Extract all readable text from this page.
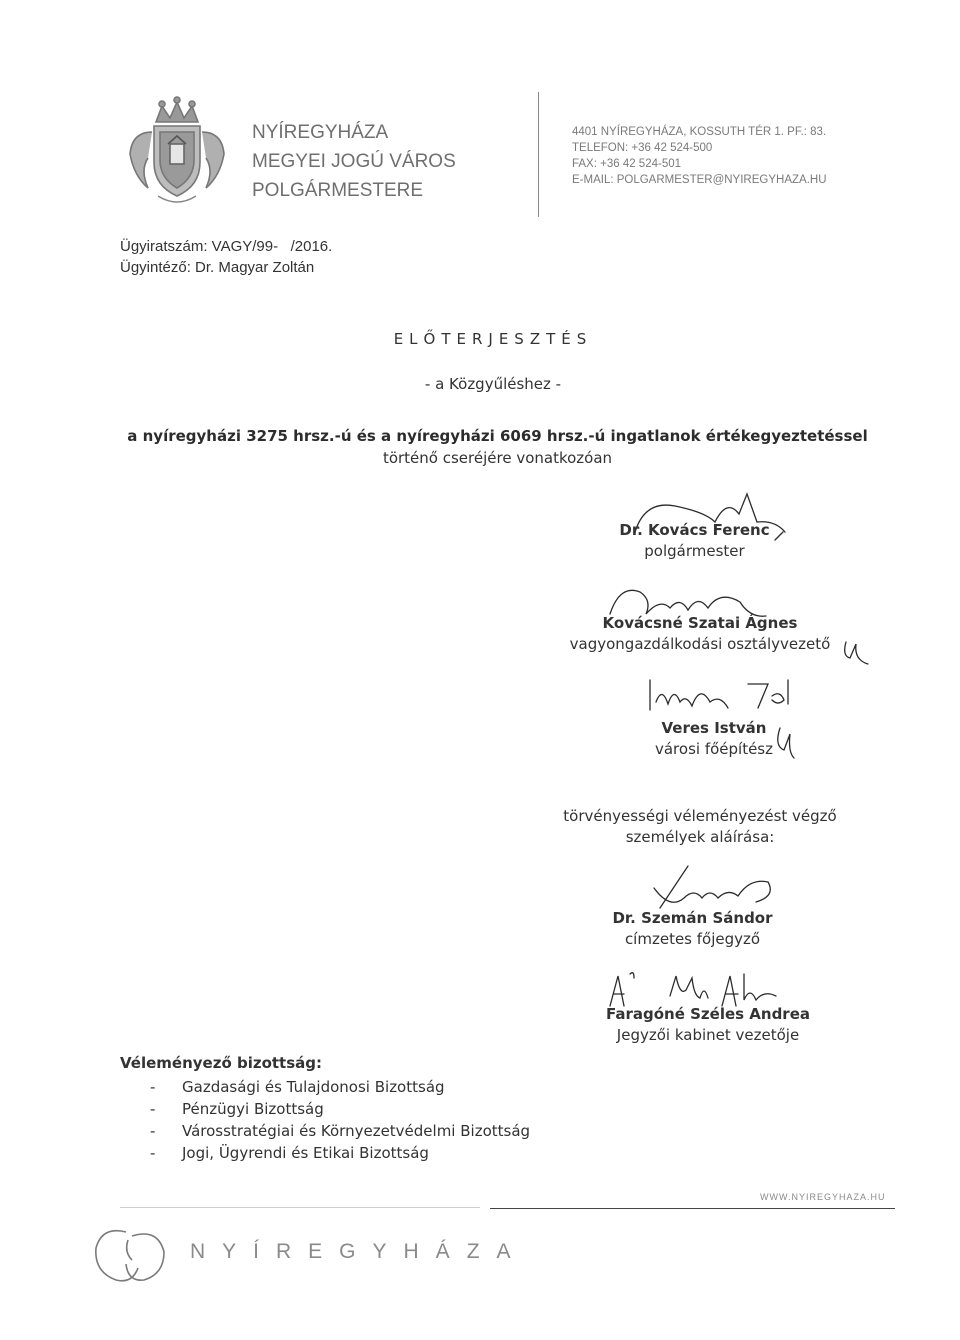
NYÍREGYHÁZA
MEGYEI JOGÚ VÁROS
POLGÁRMESTERE
4401 NYÍREGYHÁZA, KOSSUTH TÉR 1. PF.: 83.
TELEFON: +36 42 524-500
FAX: +36 42 524-501
E-MAIL: POLGARMESTER@NYIREGYHAZA.HU
Ügyiratszám: VAGY/99-   /2016.
Ügyintéző: Dr. Magyar Zoltán
ELŐTERJESZTÉS
- a Közgyűléshez -
a nyíregyházi 3275 hrsz.-ú és a nyíregyházi 6069 hrsz.-ú ingatlanok értékegyeztetéssel
történő cseréjére vonatkozóan
Dr. Kovács Ferenc
polgármester
Kovácsné Szatai Ágnes
vagyongazdálkodási osztályvezető
Veres István
városi főépítész
törvényességi véleményezést végző
személyek aláírása:
Dr. Szemán Sándor
címzetes főjegyző
Faragóné Széles Andrea
Jegyzői kabinet vezetője
Véleményező bizottság:
- Gazdasági és Tulajdonosi Bizottság
- Pénzügyi Bizottság
- Városstratégiai és Környezetvédelmi Bizottság
- Jogi, Ügyrendi és Etikai Bizottság
WWW.NYIREGYHAZA.HU
NYÍREGYHÁZA
